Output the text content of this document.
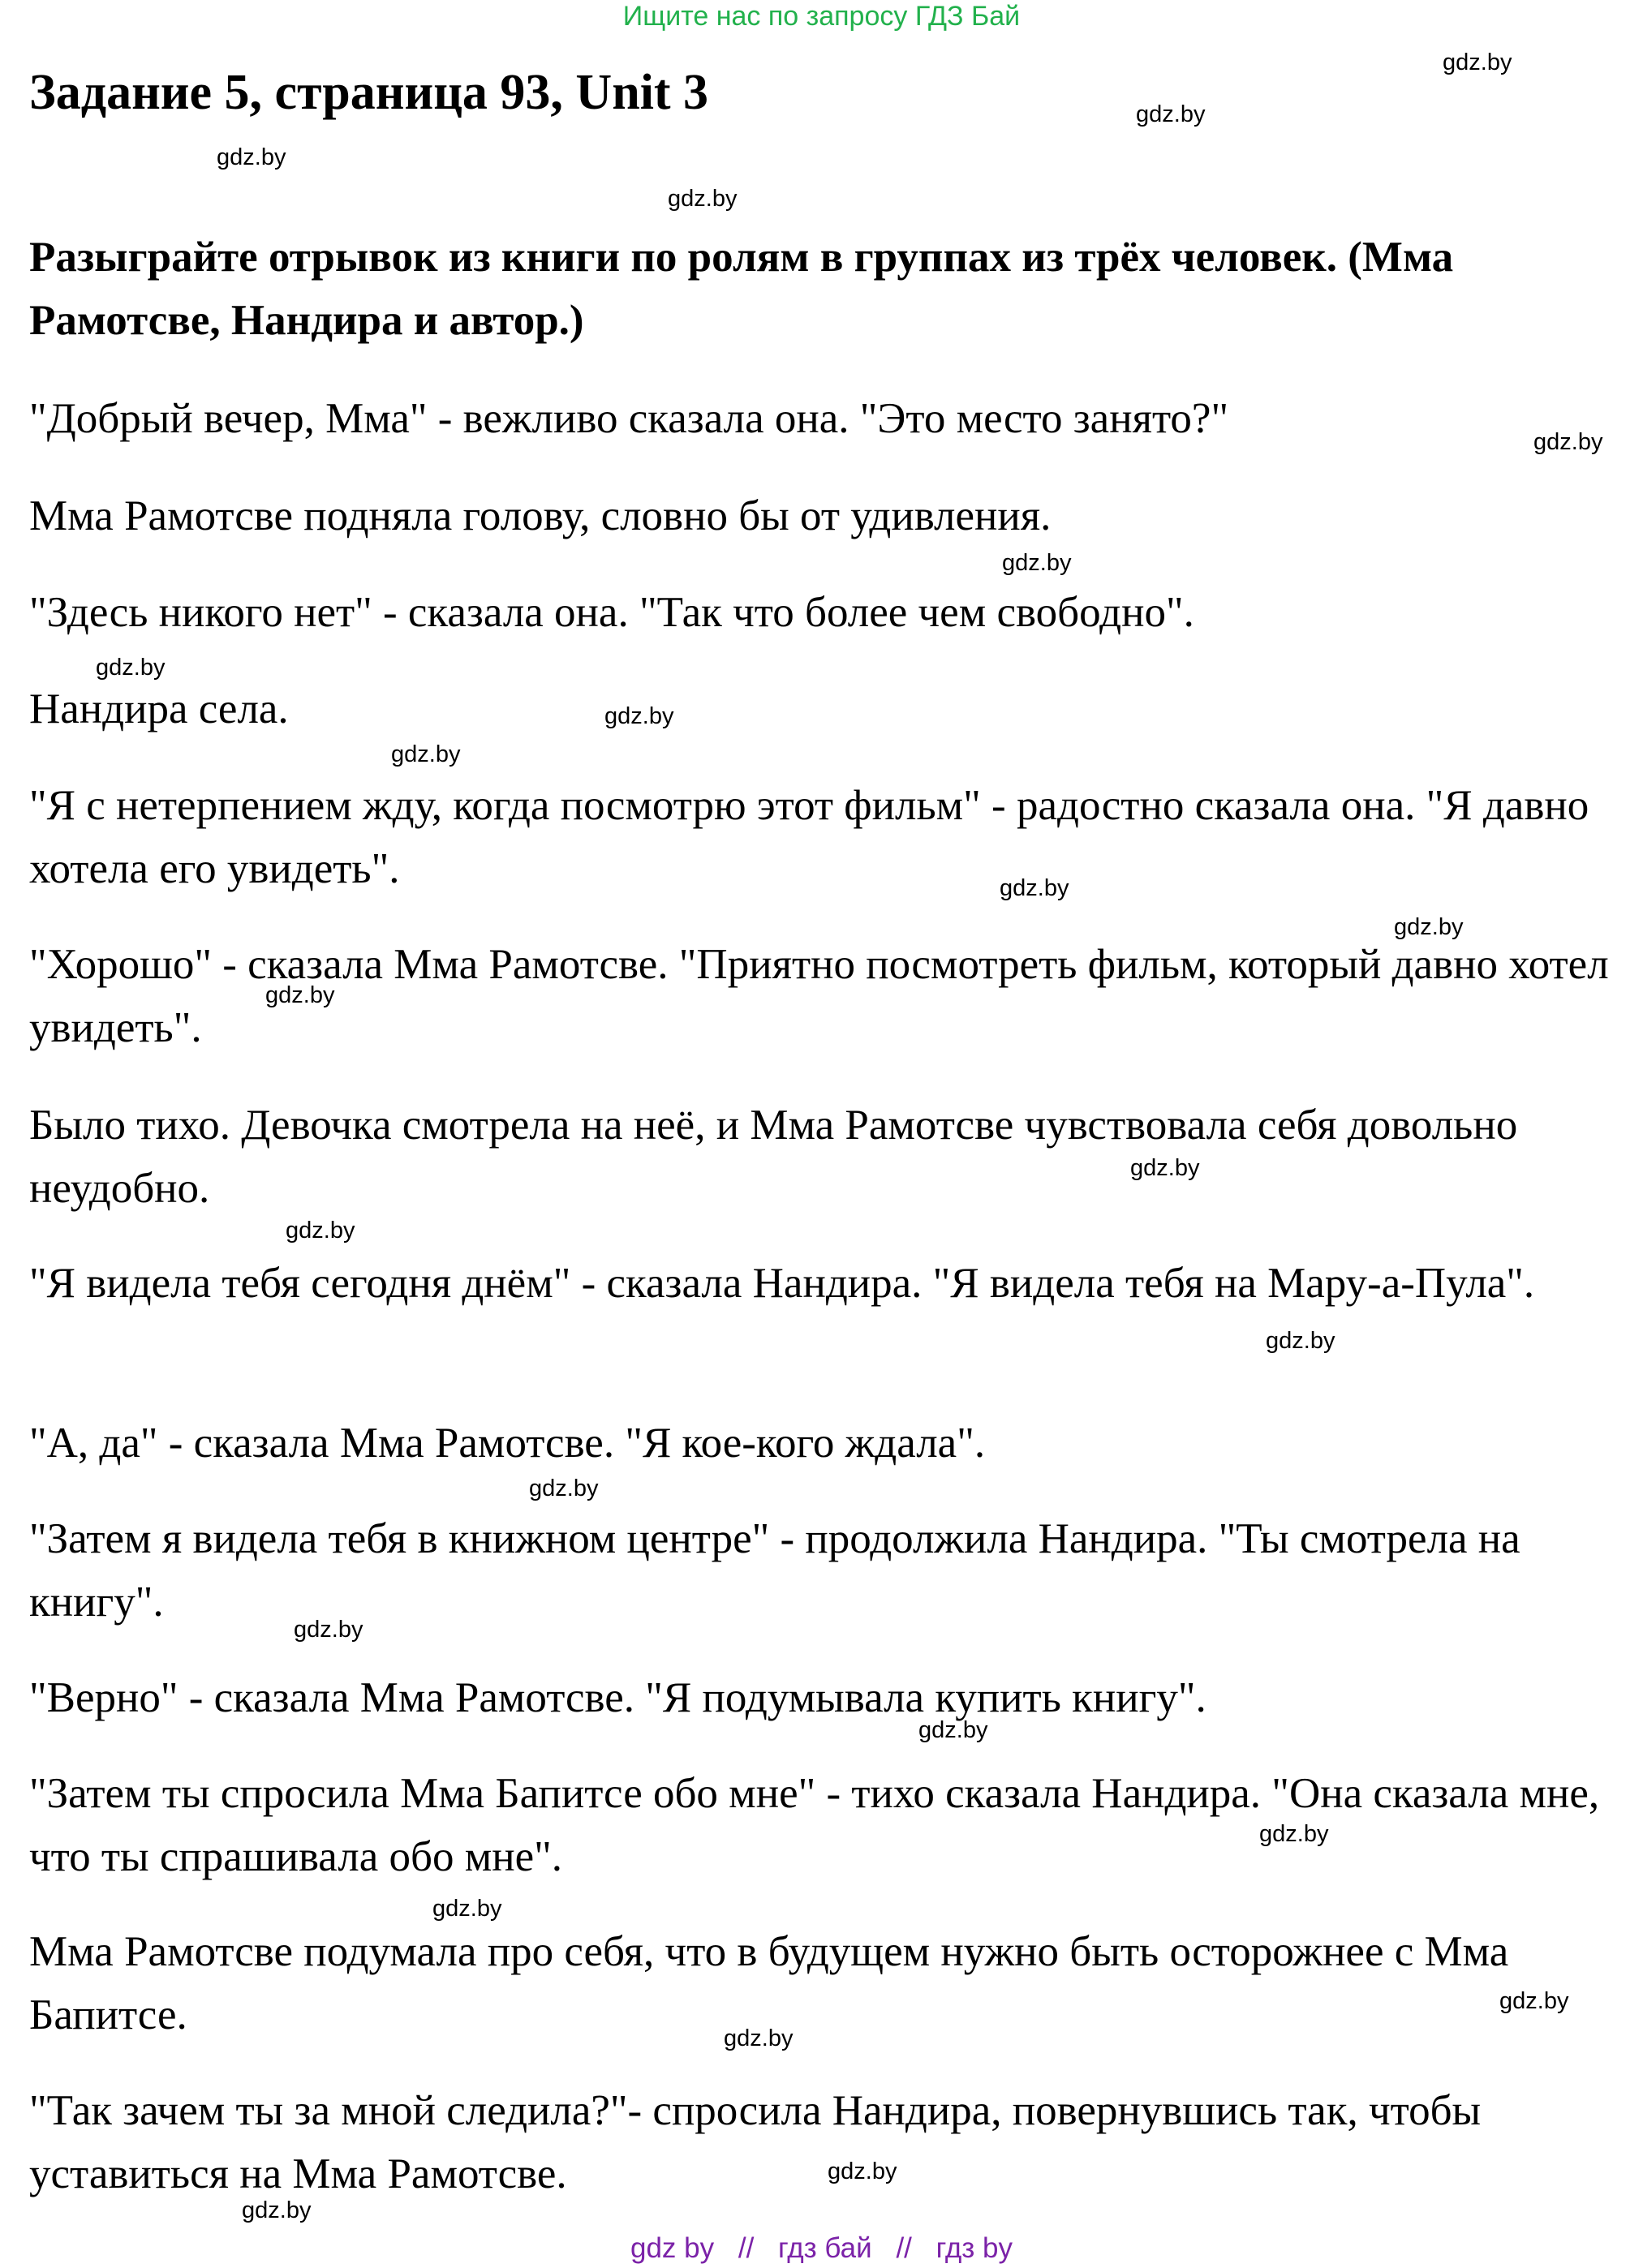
Ищите нас по запросу ГДЗ Бай
Задание 5, страница 93, Unit 3

Разыграйте отрывок из книги по ролям в группах из трёх человек. (Мма Рамотсве, Нандира и автор.)

"Добрый вечер, Мма" - вежливо сказала она. "Это место занято?"

Мма Рамотсве подняла голову, словно бы от удивления.

"Здесь никого нет" - сказала она. "Так что более чем свободно".

Нандира села.

"Я с нетерпением жду, когда посмотрю этот фильм" - радостно сказала она. "Я давно хотела его увидеть".

"Хорошо" - сказала Мма Рамотсве. "Приятно посмотреть фильм, который давно хотел увидеть".

Было тихо. Девочка смотрела на неё, и Мма Рамотсве чувствовала себя довольно неудобно.

"Я видела тебя сегодня днём" - сказала Нандира. "Я видела тебя на Мару-а-Пула".

"А, да" - сказала Мма Рамотсве. "Я кое-кого ждала".

"Затем я видела тебя в книжном центре" - продолжила Нандира. "Ты смотрела на книгу".

"Верно" - сказала Мма Рамотсве. "Я подумывала купить книгу".

"Затем ты спросила Мма Бапитсе обо мне" - тихо сказала Нандира. "Она сказала мне, что ты спрашивала обо мне".

Мма Рамотсве подумала про себя, что в будущем нужно быть осторожнее с Мма Бапитсе.

"Так зачем ты за мной следила?"- спросила Нандира, повернувшись так, чтобы уставиться на Мма Рамотсве.

gdz.by
gdz.by
gdz.by
gdz.by
gdz.by
gdz.by
gdz.by
gdz.by
gdz.by
gdz.by
gdz.by
gdz.by
gdz.by
gdz.by
gdz.by
gdz.by
gdz.by
gdz.by
gdz.by
gdz.by
gdz.by
gdz.by
gdz.by
gdz.by
gdz by // гдз бай // гдз by
